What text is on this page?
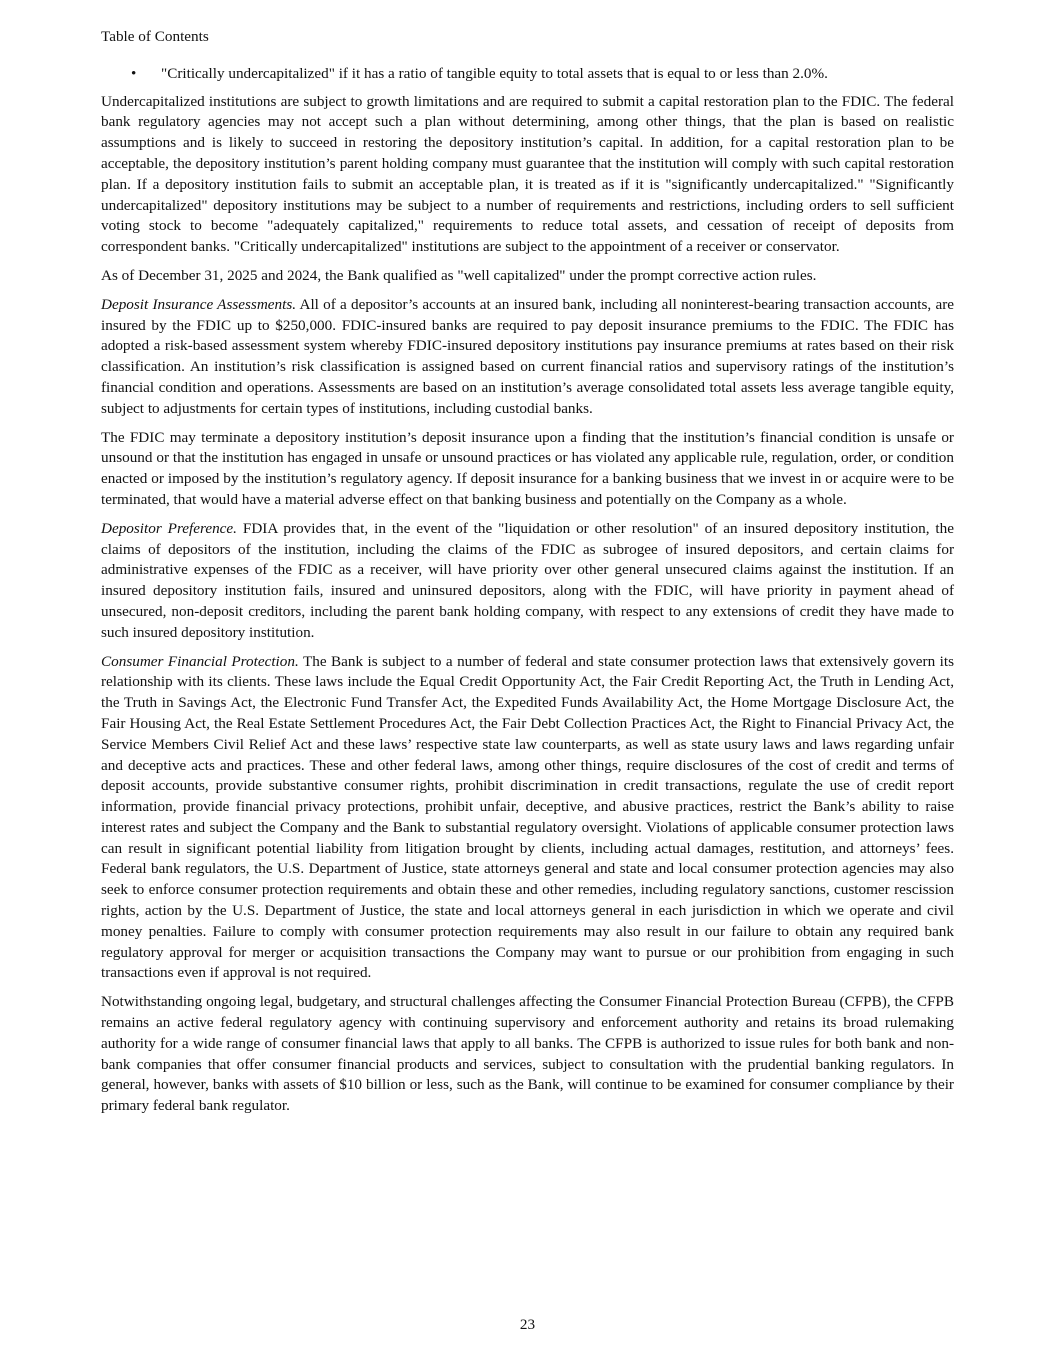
Table of Contents
•	"Critically undercapitalized" if it has a ratio of tangible equity to total assets that is equal to or less than 2.0%.

Undercapitalized institutions are subject to growth limitations and are required to submit a capital restoration plan to the FDIC. The federal bank regulatory agencies may not accept such a plan without determining, among other things, that the plan is based on realistic assumptions and is likely to succeed in restoring the depository institution’s capital. In addition, for a capital restoration plan to be acceptable, the depository institution’s parent holding company must guarantee that the institution will comply with such capital restoration plan. If a depository institution fails to submit an acceptable plan, it is treated as if it is "significantly undercapitalized." "Significantly undercapitalized" depository institutions may be subject to a number of requirements and restrictions, including orders to sell sufficient voting stock to become "adequately capitalized," requirements to reduce total assets, and cessation of receipt of deposits from correspondent banks. "Critically undercapitalized" institutions are subject to the appointment of a receiver or conservator.

As of December 31, 2025 and 2024, the Bank qualified as "well capitalized" under the prompt corrective action rules.

Deposit Insurance Assessments. All of a depositor’s accounts at an insured bank, including all noninterest-bearing transaction accounts, are insured by the FDIC up to $250,000. FDIC-insured banks are required to pay deposit insurance premiums to the FDIC. The FDIC has adopted a risk-based assessment system whereby FDIC-insured depository institutions pay insurance premiums at rates based on their risk classification. An institution’s risk classification is assigned based on current financial ratios and supervisory ratings of the institution’s financial condition and operations. Assessments are based on an institution’s average consolidated total assets less average tangible equity, subject to adjustments for certain types of institutions, including custodial banks.

The FDIC may terminate a depository institution’s deposit insurance upon a finding that the institution’s financial condition is unsafe or unsound or that the institution has engaged in unsafe or unsound practices or has violated any applicable rule, regulation, order, or condition enacted or imposed by the institution’s regulatory agency. If deposit insurance for a banking business that we invest in or acquire were to be terminated, that would have a material adverse effect on that banking business and potentially on the Company as a whole.

Depositor Preference. FDIA provides that, in the event of the "liquidation or other resolution" of an insured depository institution, the claims of depositors of the institution, including the claims of the FDIC as subrogee of insured depositors, and certain claims for administrative expenses of the FDIC as a receiver, will have priority over other general unsecured claims against the institution. If an insured depository institution fails, insured and uninsured depositors, along with the FDIC, will have priority in payment ahead of unsecured, non-deposit creditors, including the parent bank holding company, with respect to any extensions of credit they have made to such insured depository institution.

Consumer Financial Protection. The Bank is subject to a number of federal and state consumer protection laws that extensively govern its relationship with its clients. These laws include the Equal Credit Opportunity Act, the Fair Credit Reporting Act, the Truth in Lending Act, the Truth in Savings Act, the Electronic Fund Transfer Act, the Expedited Funds Availability Act, the Home Mortgage Disclosure Act, the Fair Housing Act, the Real Estate Settlement Procedures Act, the Fair Debt Collection Practices Act, the Right to Financial Privacy Act, the Service Members Civil Relief Act and these laws’ respective state law counterparts, as well as state usury laws and laws regarding unfair and deceptive acts and practices. These and other federal laws, among other things, require disclosures of the cost of credit and terms of deposit accounts, provide substantive consumer rights, prohibit discrimination in credit transactions, regulate the use of credit report information, provide financial privacy protections, prohibit unfair, deceptive, and abusive practices, restrict the Bank’s ability to raise interest rates and subject the Company and the Bank to substantial regulatory oversight. Violations of applicable consumer protection laws can result in significant potential liability from litigation brought by clients, including actual damages, restitution, and attorneys’ fees. Federal bank regulators, the U.S. Department of Justice, state attorneys general and state and local consumer protection agencies may also seek to enforce consumer protection requirements and obtain these and other remedies, including regulatory sanctions, customer rescission rights, action by the U.S. Department of Justice, the state and local attorneys general in each jurisdiction in which we operate and civil money penalties. Failure to comply with consumer protection requirements may also result in our failure to obtain any required bank regulatory approval for merger or acquisition transactions the Company may want to pursue or our prohibition from engaging in such transactions even if approval is not required.

Notwithstanding ongoing legal, budgetary, and structural challenges affecting the Consumer Financial Protection Bureau (CFPB), the CFPB remains an active federal regulatory agency with continuing supervisory and enforcement authority and retains its broad rulemaking authority for a wide range of consumer financial laws that apply to all banks. The CFPB is authorized to issue rules for both bank and non-bank companies that offer consumer financial products and services, subject to consultation with the prudential banking regulators. In general, however, banks with assets of $10 billion or less, such as the Bank, will continue to be examined for consumer compliance by their primary federal bank regulator.

23
